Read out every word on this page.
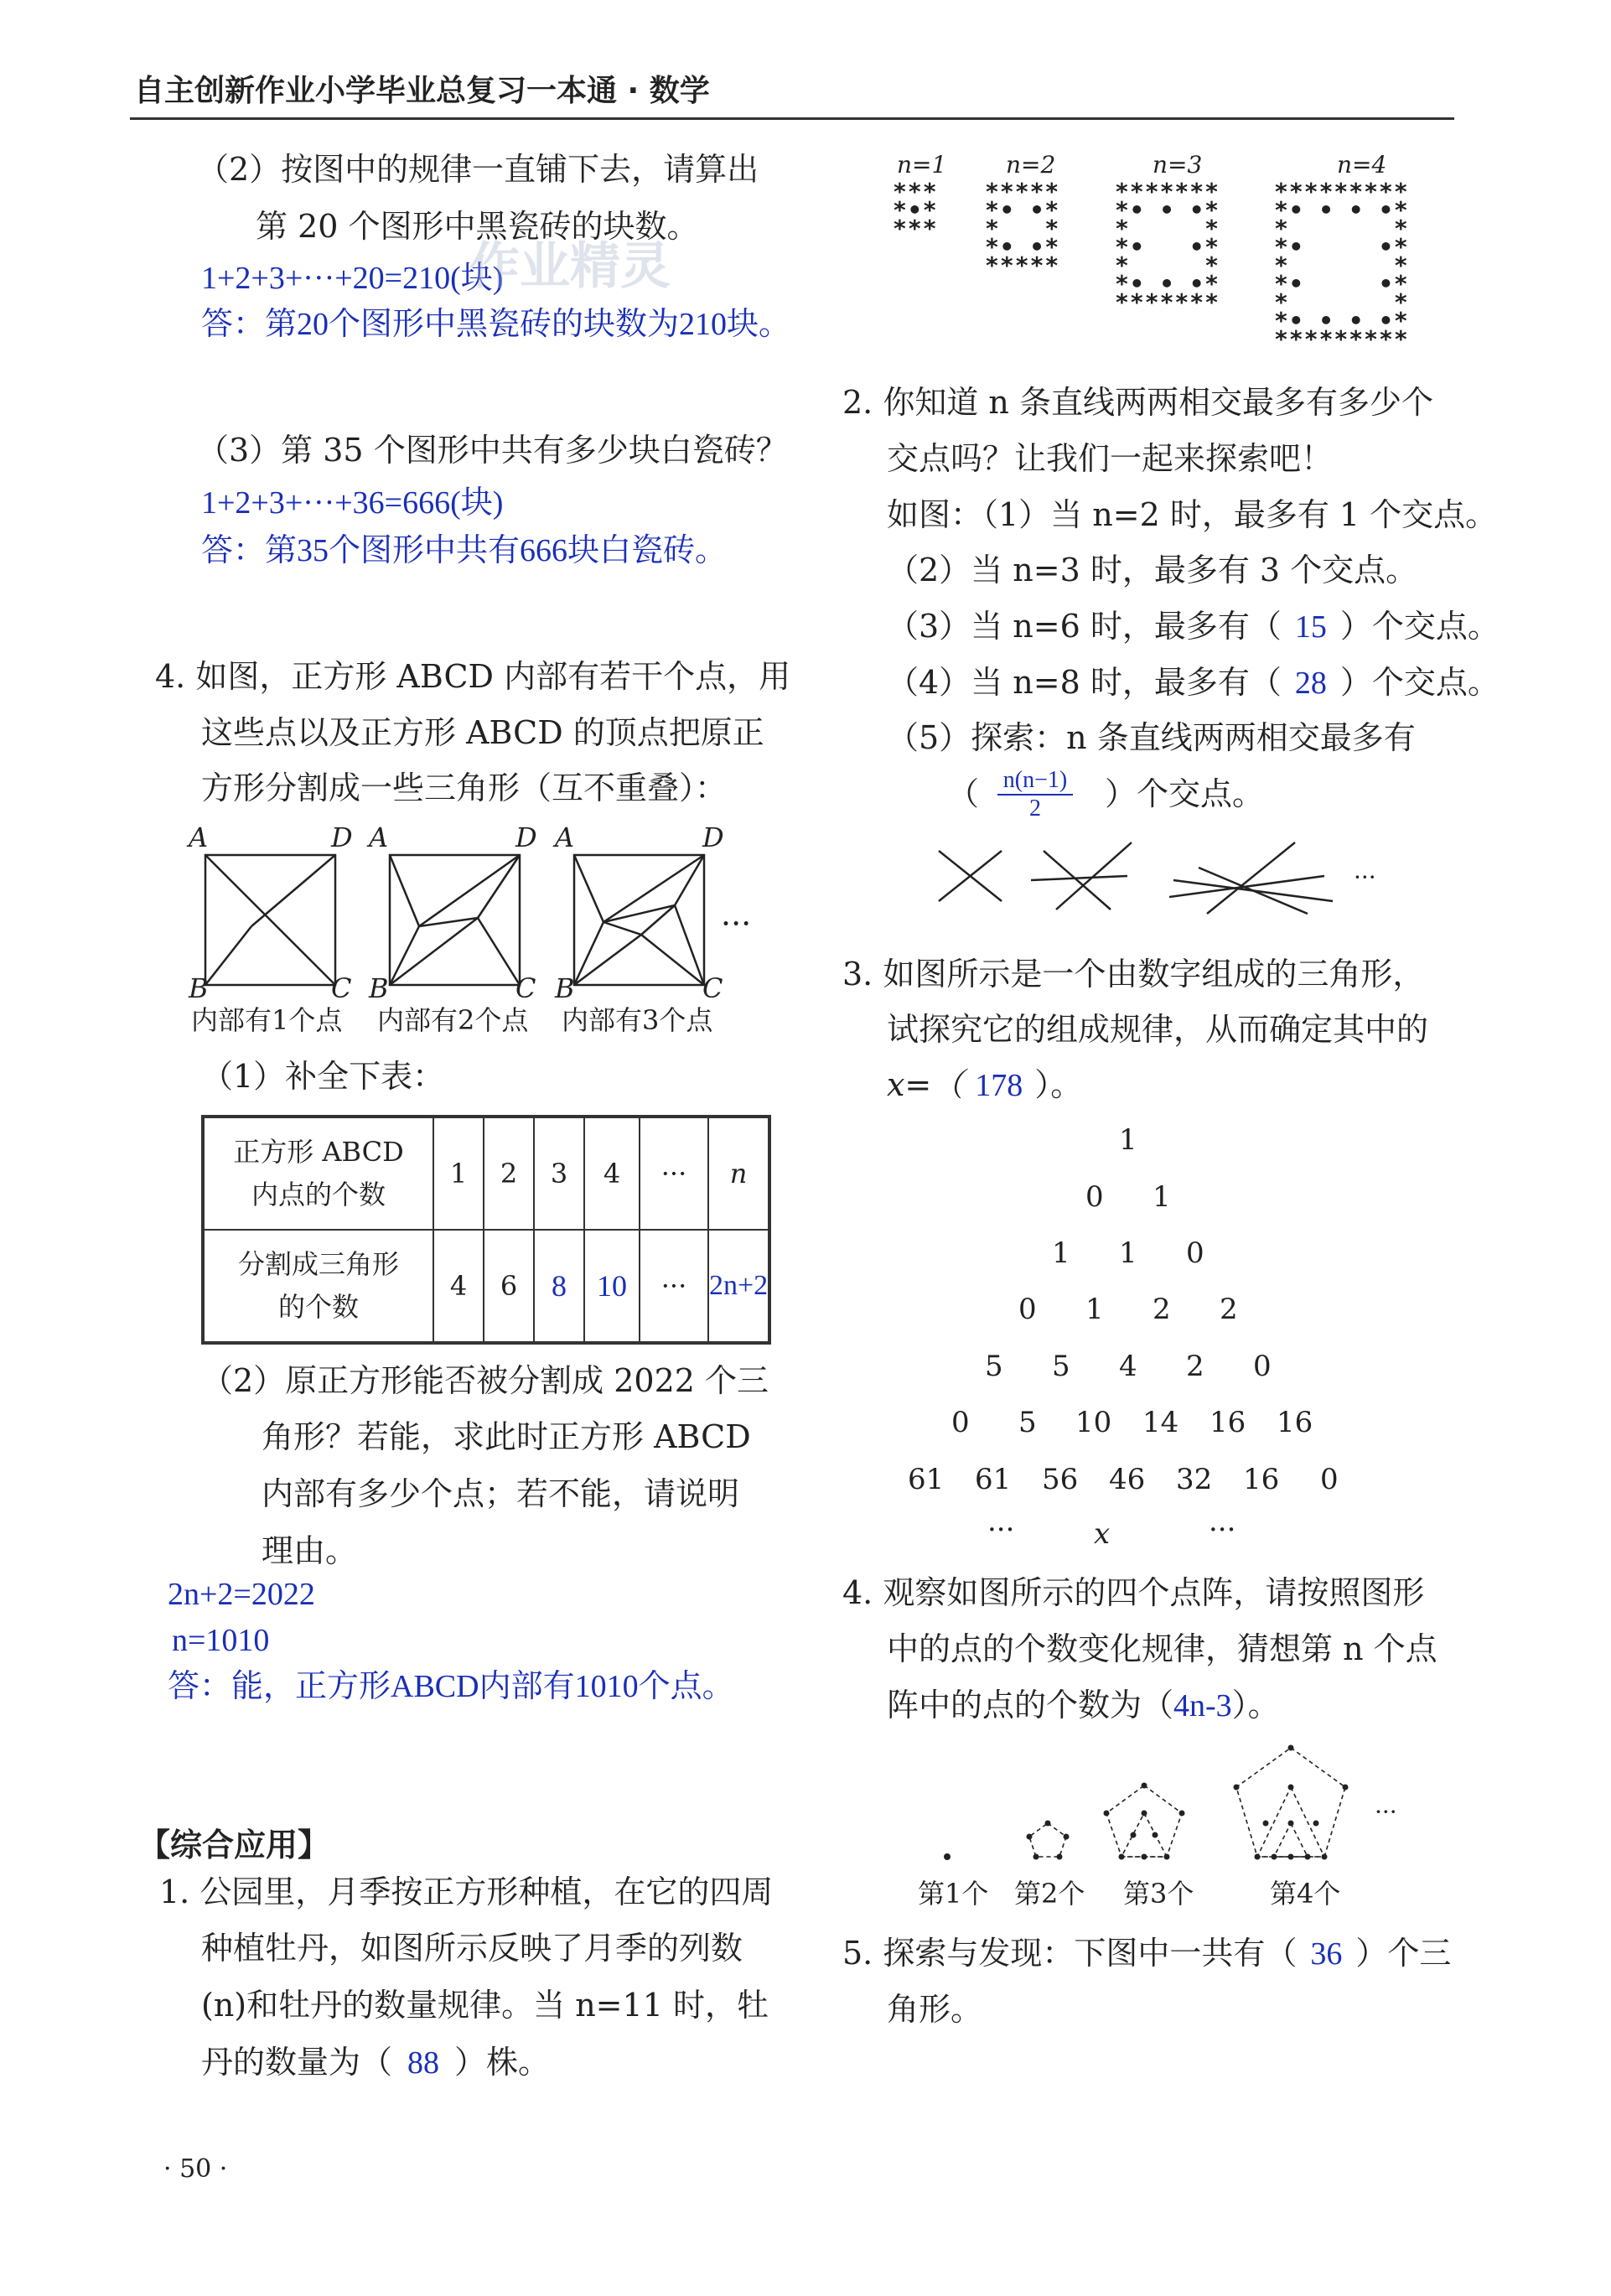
自主创新作业小学毕业总复习一本通 · 数学
（2）按图中的规律一直铺下去，请算出
第 20 个图形中黑瓷砖的块数。
1+2+3+···+20=210(块)
答：第20个图形中黑瓷砖的块数为210块。
作业精灵
（3）第 35 个图形中共有多少块白瓷砖？
1+2+3+···+36=666(块)
答：第35个图形中共有666块白瓷砖。
4. 如图，正方形 ABCD 内部有若干个点，用
这些点以及正方形 ABCD 的顶点把原正
方形分割成一些三角形（互不重叠）：
A	D
B	C
A	D
B	C
A	D
B	C
···
内部有1个点 内部有2个点 内部有3个点
（1）补全下表：
正方形 ABCD
内点的个数	1	2	3	4	···	n

分割成三角形
的个数	4	6	8	10	···	2n+2
（2）原正方形能否被分割成 2022 个三
角形？若能，求此时正方形 ABCD
内部有多少个点；若不能，请说明
理由。
2n+2=2022
n=1010
答：能，正方形ABCD内部有1010个点。
【综合应用】
1. 公园里，月季按正方形种植，在它的四周
种植牡丹，如图所示反映了月季的列数
(n)和牡丹的数量规律。当 n=11 时，牡
丹的数量为（ 88 ）株。
· 50 ·
n=1	n=2	n=3	n=4
***
*•*
***
*****
*• •*
*   *
*• •*
*****
*******
*• • •*
*     *
*•   •*
*     *
*• • •*
*******
*********
*• • • •*
*       *
*•     •*
*       *
*•     •*
*       *
*• • • •*
*********
2. 你知道 n 条直线两两相交最多有多少个
交点吗？让我们一起来探索吧！
如图：（1）当 n=2 时，最多有 1 个交点。
（2）当 n=3 时，最多有 3 个交点。
（3）当 n=6 时，最多有（ 15 ）个交点。
（4）当 n=8 时，最多有（ 28 ）个交点。
（5）探索：n 条直线两两相交最多有
（ $\frac{n(n-1)}{2}$ ）个交点。
···
3. 如图所示是一个由数字组成的三角形，
试探究它的组成规律，从而确定其中的
x=（ 178 ）。
1
0 1
1 1 0
0 1 2 2
5 5 4 2 0
0 5 10 14 16 16
61 61 56 46 32 16 0
···	x	···
4. 观察如图所示的四个点阵，请按照图形
中的点的个数变化规律，猜想第 n 个点
阵中的点的个数为（4n-3）。
···
第1个 第2个 第3个	第4个
5. 探索与发现：下图中一共有（ 36 ）个三
角形。
